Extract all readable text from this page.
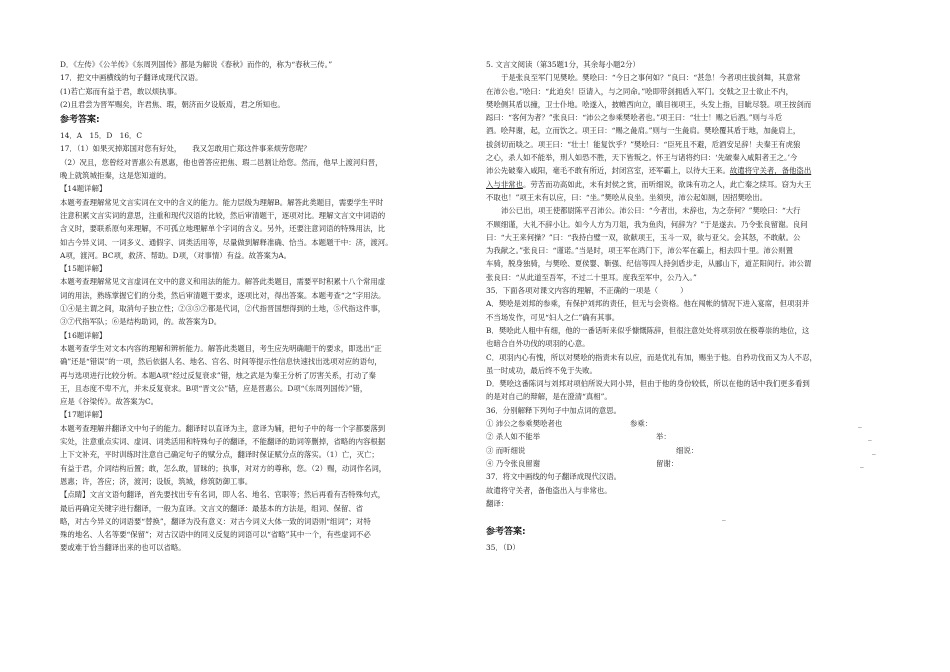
D．《左传》《公羊传》《东周列国传》都是为解说《春秋》而作的，称为“春秋三传。”

17．把文中画横线的句子翻译成现代汉语。

(1)若亡郑而有益于君，敢以烦执事。

(2)且君尝为晋军赐矣，许君焦、瑕，朝济而夕设版焉，君之所知也。

参考答案:

14．A　15．D　16．C

17．（1）如果灭掉郑国对您有好处，　　我又怎敢用亡郑这件事来烦劳您呢？

（2）况且，您曾经对晋惠公有恩惠，他也曾答应把焦、瑕二邑割让给您。然而，他早上渡河归晋，

晚上就筑城拒秦，这是您知道的。

【14题详解】

本题考查理解常见文言实词在文中的含义的能力。能力层级为理解B。解答此类题目，需要学生平时

注意积累文言实词的意思，注重和现代汉语的比较，然后审清题干，逐项对比。理解文言文中词语的

含义时，要联系原句来理解，不可孤立地理解单个字词的含义。另外，还要注意词语的特殊用法，比

如古今异义词、一词多义、通假字、词类活用等，尽量做到解释准确、恰当。本题题干中：济，渡河。

A项，渡河。BC项，救济、帮助。D项，（对事情）有益。故答案为A。

【15题详解】

本题考查理解常见文言虚词在文中的意义和用法的能力。解答此类题目，需要平时积累十八个常用虚

词的用法，熟练掌握它们的分类，然后审清题干要求，逐项比对，得出答案。本题考查“之”字用法。

①④是主谓之间，取消句子独立性；②③⑤⑦都是代词，②代指晋国想得到的土地，⑤代指这件事，

③⑦代指军队；⑥是结构助词，的。故答案为D。

【16题详解】

本题考查学生对文本内容的理解和辨析能力。解答此类题目，考生应先明确题干的要求，即选出“正

确”还是“错误”的一项，然后依据人名、地名、官名、时间等提示性信息快速找出选项对应的语句，

再与选项进行比较分析。本题A项“经过反复衰求”错，烛之武是为秦王分析了厉害关系，打动了秦

王，且态度不卑不亢，并未反复衰求。B项“晋文公”错，应是晋惠公。D项“《东周列国传》”错，

应是《谷梁传》。故答案为C。

【17题详解】

本题考查理解并翻译文中句子的能力。翻译时以直译为主，意译为辅，把句子中的每一个字都要落到

实处，注意重点实词、虚词、词类活用和特殊句子的翻译，不能翻译的助词等删掉，省略的内容根据

上下文补充，平时训练时注意自己确定句子的赋分点，翻译时保证赋分点的落实。（1）亡，灭亡；

有益于君，介词结构后置；敢，怎么敢，冒昧的；执事，对对方的尊称，您。（2）赐，动词作名词，

恩惠；许，答应；济，渡河；设版，筑城，修筑防御工事。

【点睛】文言文语句翻译，首先要找出专有名词，即人名、地名、官职等；然后再看有否特殊句式，

最后再确定关键字进行翻译，一般为直译。文言文的翻译：最基本的方法是，组词、保留、省

略，对古今异义的词语要“替换”，翻译为没有意义：对古今词义大体一致的词语则“组词”；对特

殊的地名、人名等要“保留”；对古汉语中的同义反复的词语可以“省略”其中一个，有些虚词不必

要或难于恰当翻译出来的也可以省略。

5. 文言文阅读（第35题1分，其余每小题2分）

于是张良至军门见樊哙。樊哙曰：“今日之事何如？”良曰：“甚急！今者项庄拔剑舞，其意常

在沛公也。”哙曰：“此迫矣！臣请入，与之同命。”哙即带剑拥盾入军门。交戟之卫士欲止不内，

樊哙侧其盾以撞，卫士仆地。哙遂入，披帷西向立，瞋目视项王，头发上指，目眦尽裂。项王按剑而

跽曰：“客何为者？”张良曰：“沛公之参乘樊哙者也。”项王曰：“壮士！赐之后酒。”则与斗卮

酒。哙拜谢，起，立而饮之。项王曰：“赐之彘肩。”则与一生彘肩。樊哙覆其盾于地，加彘肩上，

拔剑切而啖之。项王曰：“壮士！能复饮乎？”樊哙曰：“臣死且不避，卮酒安足辞！夫秦王有虎狼

之心，杀人如不能举，刑人如恐不胜，天下皆叛之。怀王与诸将约曰：‘先破秦入咸阳者王之。’今

沛公先破秦入咸阳，毫毛不敢有所近，封闭宫室，还军霸上，以待大王来。故遣将守关者，备他盗出

入与非常也。劳苦而功高如此，未有封侯之赏，而听细说，欲诛有功之人，此亡秦之续耳。窃为大王

不取也！”项王未有以应，曰：“坐。”樊哙从良坐。坐须臾，沛公起如厕，因招樊哙出。

沛公已出，项王使都尉陈平召沛公。沛公曰：“今者出，未辞也，为之奈何？”樊哙曰：“大行

不顾细谨，大礼不辞小让。如今人方为刀俎，我为鱼肉，何辞为？”于是遂去。乃令张良留谢。良问

曰：“大王来何操？”曰：“我持白璧一双，欲献项王，玉斗一双，欲与亚父。会其怒，不敢献。公

为我献之。”张良曰：“谨诺。”当是时，项王军在鸿门下，沛公军在霸上，相去四十里。沛公则置

车骑，脱身独骑，与樊哙、夏侯婴、靳强、纪信等四人持剑盾步走，从郦山下，道芷阳间行。沛公谓

张良曰：“从此道至吾军，不过二十里耳。度我至军中，公乃入。”

35．下面各项对课文内容的理解，不正确的一项是（　　　）

A．樊哙是刘邦的参乘，有保护刘邦的责任，但无与会资格。他在闯帐的情况下进入宴席，但项羽并

不当场发作，可见“妇人之仁”确有其事。

B．樊哙此人粗中有细，他的一番话听来似乎慷慨陈辞，但很注意处处将项羽放在极尊崇的地位，这

也暗合自外功伐的项羽的心意。

C．项羽内心有愧，所以对樊哙的指责未有以应，而是优礼有加，赐坐于他。自矜功伐而又为人不忍，

虽一时成功，最后终不免于失败。

D．樊哙这番陈词与刘邦对项伯所说大同小异，但由于他的身份较低，所以在他的话中我们更多看到

的是对自己的辩解，是在澄清“真相”。

36．分别解释下列句子中加点词的意思。

① 沛公之参乘樊哙者也	参乘：	_

② 杀人如不能举	举：	_

③ 而听细说	细说：	_

④ 乃令张良留谢	留谢：	_

37．将文中画线的句子翻译成现代汉语。

故遣将守关者，备他盗出入与非常也。

翻译：

_

参考答案:

35．（D）
